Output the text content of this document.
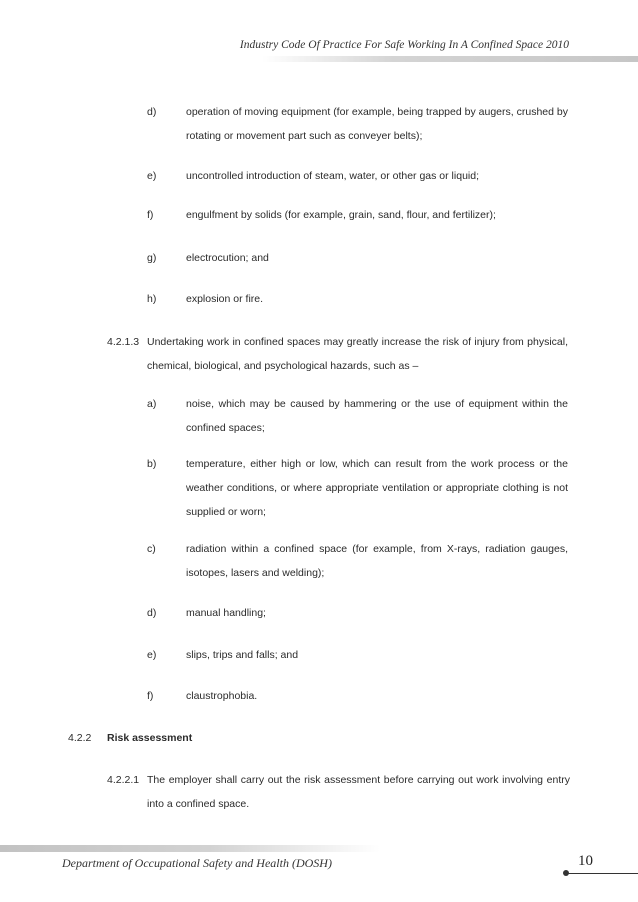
Industry Code Of Practice For Safe Working In A Confined Space 2010
d)	operation of moving equipment (for example, being trapped by augers, crushed by rotating or movement part such as conveyer belts);
e)	uncontrolled introduction of steam, water, or other gas or liquid;
f)	engulfment by solids (for example, grain, sand, flour, and fertilizer);
g)	electrocution; and
h)	explosion or fire.
4.2.1.3 Undertaking work in confined spaces may greatly increase the risk of injury from physical, chemical, biological, and psychological hazards, such as –
a)	noise, which may be caused by hammering or the use of equipment within the confined spaces;
b)	temperature, either high or low, which can result from the work process or the weather conditions, or where appropriate ventilation or appropriate clothing is not supplied or worn;
c)	radiation within a confined space (for example, from X-rays, radiation gauges, isotopes, lasers and welding);
d)	manual handling;
e)	slips, trips and falls; and
f)	claustrophobia.
4.2.2 Risk assessment
4.2.2.1 The employer shall carry out the risk assessment before carrying out work involving entry into a confined space.
Department of Occupational Safety and Health (DOSH)	10
